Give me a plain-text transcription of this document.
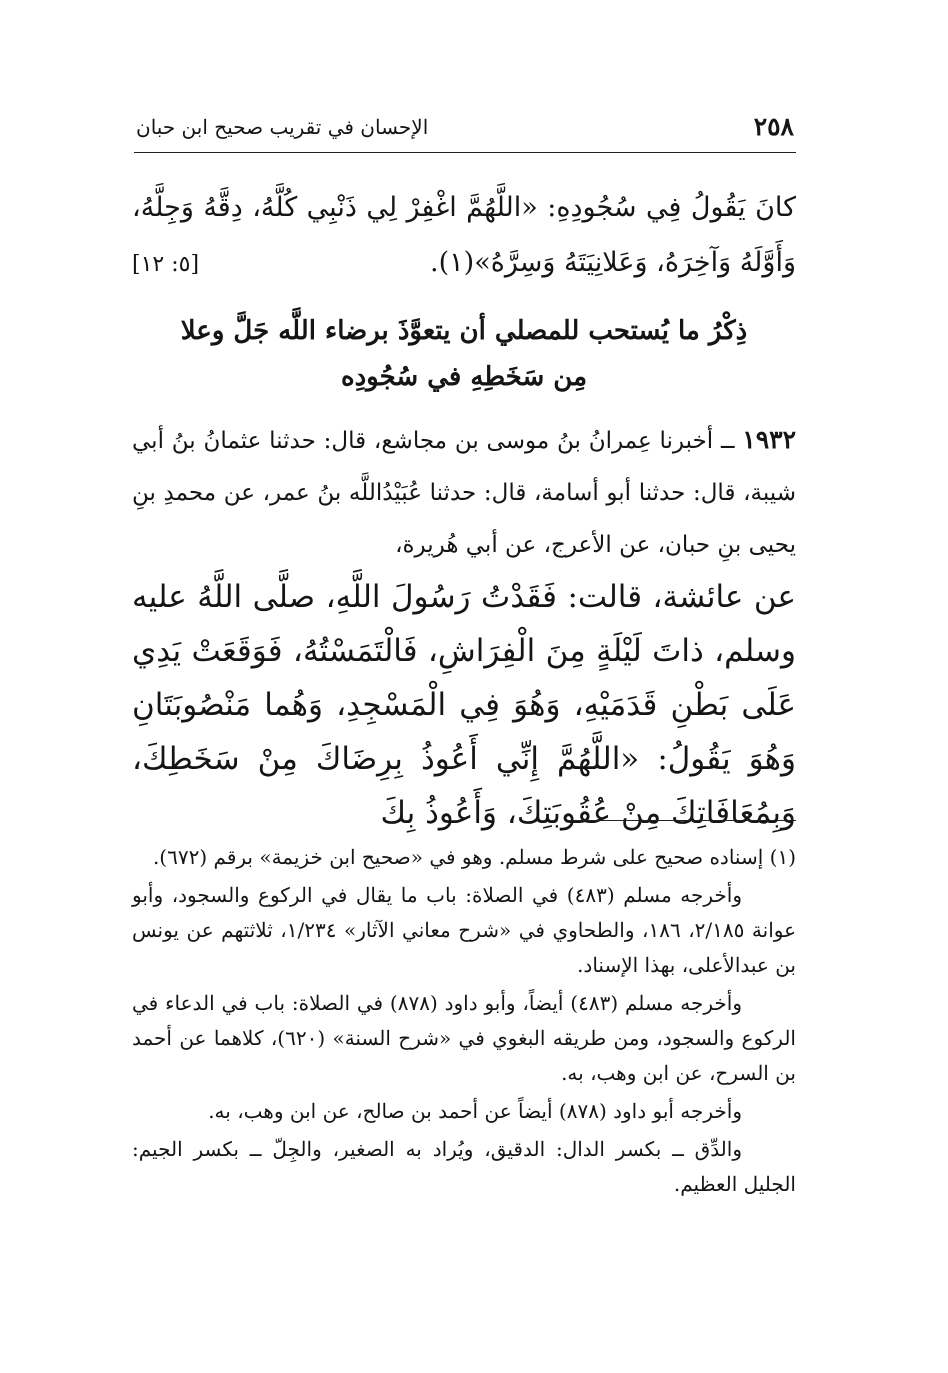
٢٥٨
الإحسان في تقريب صحيح ابن حبان
كانَ يَقُولُ فِي سُجُودِهِ: «اللَّهُمَّ اغْفِرْ لِي ذَنْبِي كُلَّهُ، دِقَّهُ وَجِلَّهُ، وَأَوَّلَهُ وَآخِرَهُ، وَعَلانِيَتَهُ وَسِرَّهُ»(١).
[٥: ١٢]
ذِكْرُ ما يُستحب للمصلي أن يتعوَّذَ برضاء اللَّه جَلَّ وعلا
مِن سَخَطِهِ في سُجُودِه
١٩٣٢ ــ أخبرنا عِمرانُ بنُ موسى بن مجاشع، قال: حدثنا عثمانُ بنُ أبي شيبة، قال: حدثنا أبو أسامة، قال: حدثنا عُبَيْدُاللَّه بنُ عمر، عن محمدِ بنِ يحيى بنِ حبان، عن الأعرج، عن أبي هُريرة،
عن عائشة، قالت: فَقَدْتُ رَسُولَ اللَّهِ، صلَّى اللَّهُ عليه وسلم، ذاتَ لَيْلَةٍ مِنَ الْفِرَاشِ، فَالْتَمَسْتُهُ، فَوَقَعَتْ يَدِي عَلَى بَطْنِ قَدَمَيْهِ، وَهُوَ فِي الْمَسْجِدِ، وَهُما مَنْصُوبَتَانِ وَهُوَ يَقُولُ: «اللَّهُمَّ إِنِّي أَعُوذُ بِرِضَاكَ مِنْ سَخَطِكَ، وَبِمُعَافَاتِكَ مِنْ عُقُوبَتِكَ، وَأَعُوذُ بِكَ

(١) إسناده صحيح على شرط مسلم. وهو في «صحيح ابن خزيمة» برقم (٦٧٢).

وأخرجه مسلم (٤٨٣) في الصلاة: باب ما يقال في الركوع والسجود، وأبو عوانة ٢/١٨٥، ١٨٦، والطحاوي في «شرح معاني الآثار» ١/٢٣٤، ثلاثتهم عن يونس بن عبدالأعلى، بهذا الإسناد.

وأخرجه مسلم (٤٨٣) أيضاً، وأبو داود (٨٧٨) في الصلاة: باب في الدعاء في الركوع والسجود، ومن طريقه البغوي في «شرح السنة» (٦٢٠)، كلاهما عن أحمد بن السرح، عن ابن وهب، به.

وأخرجه أبو داود (٨٧٨) أيضاً عن أحمد بن صالح، عن ابن وهب، به.

والدِّق ــ بكسر الدال: الدقيق، ويُراد به الصغير، والجِلّ ــ بكسر الجيم: الجليل العظيم.
